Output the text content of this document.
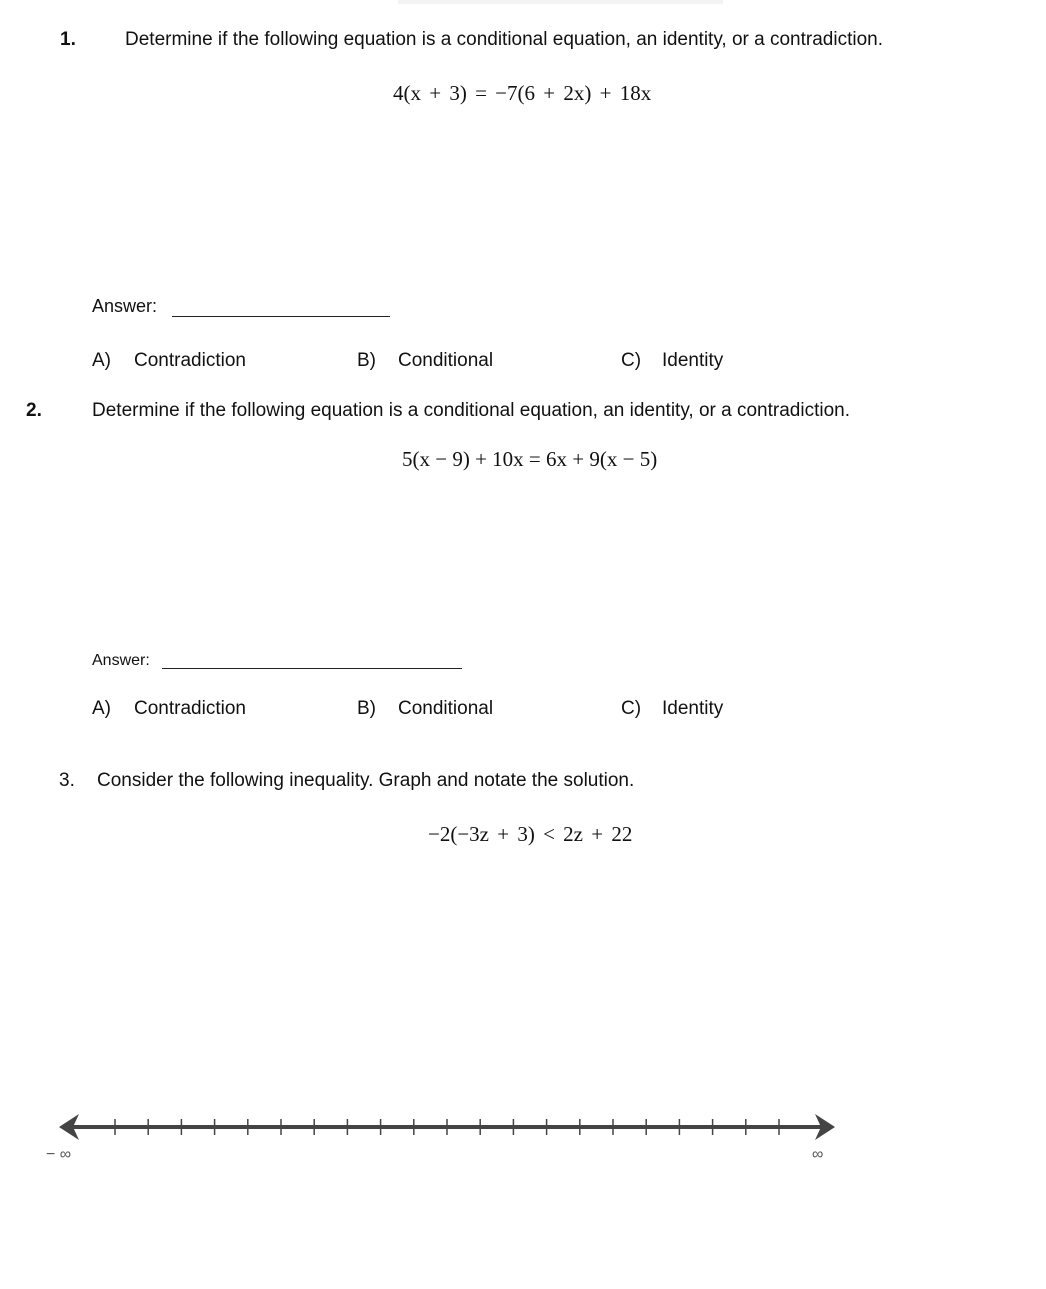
1.	Determine if the following equation is a conditional equation, an identity, or a contradiction.
4(x + 3) = −7(6 + 2x) + 18x
Answer:
A) Contradiction	B) Conditional	C) Identity
2.	Determine if the following equation is a conditional equation, an identity, or a contradiction.
5(x − 9) + 10x = 6x + 9(x − 5)
Answer:
A) Contradiction	B) Conditional	C) Identity
3. Consider the following inequality. Graph and notate the solution.
−2(−3z + 3) < 2z + 22
− ∞	∞
